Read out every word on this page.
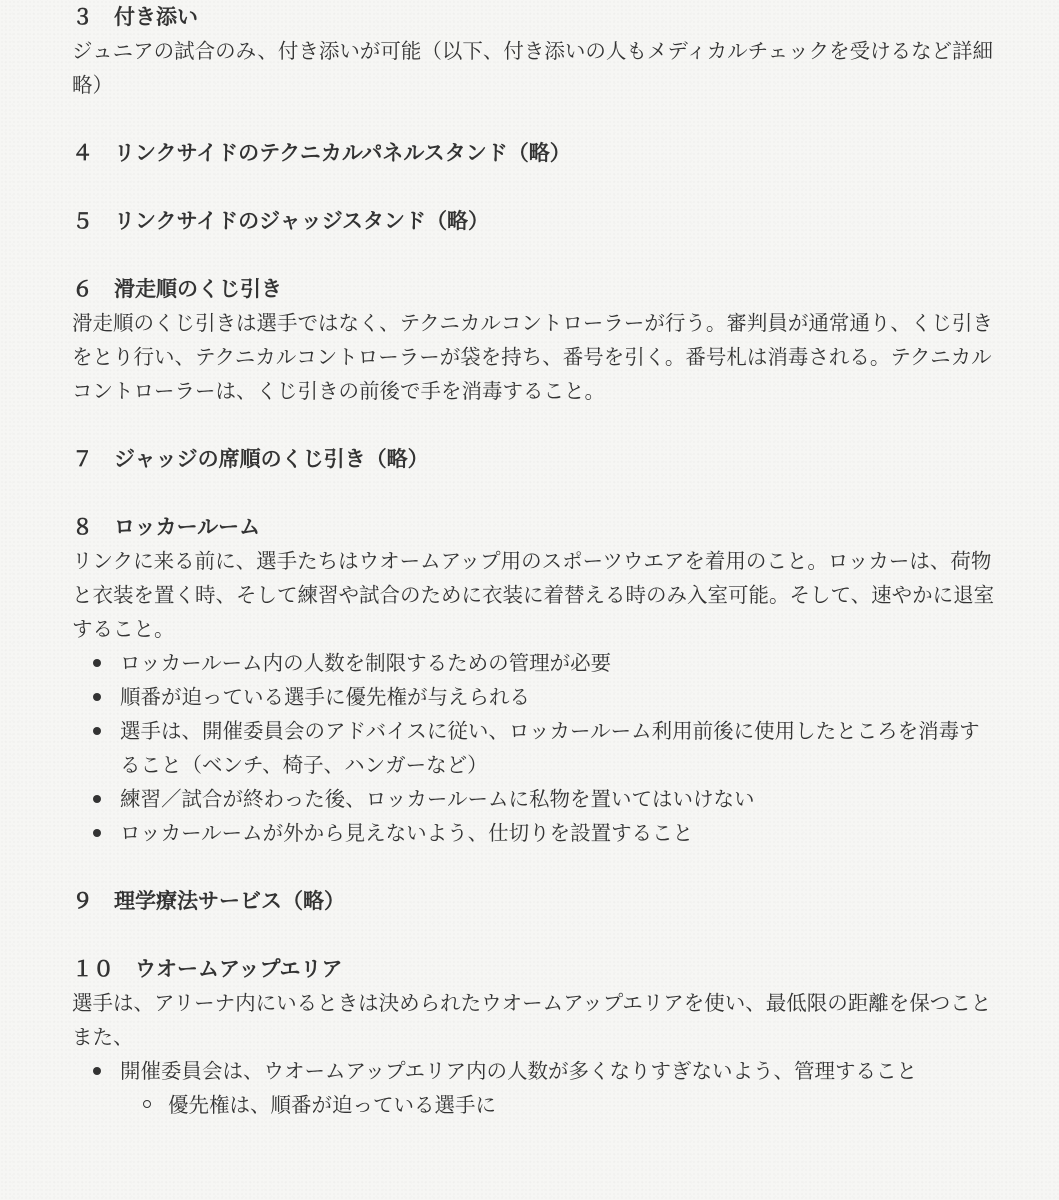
３　付き添い

ジュニアの試合のみ、付き添いが可能（以下、付き添いの人もメディカルチェックを受けるなど詳細略）

４　リンクサイドのテクニカルパネルスタンド（略）
５　リンクサイドのジャッジスタンド（略）
６　滑走順のくじ引き

滑走順のくじ引きは選手ではなく、テクニカルコントローラーが行う。審判員が通常通り、くじ引きをとり行い、テクニカルコントローラーが袋を持ち、番号を引く。番号札は消毒される。テクニカルコントローラーは、くじ引きの前後で手を消毒すること。

７　ジャッジの席順のくじ引き（略）
８　ロッカールーム

リンクに来る前に、選手たちはウオームアップ用のスポーツウエアを着用のこと。ロッカーは、荷物と衣装を置く時、そして練習や試合のために衣装に着替える時のみ入室可能。そして、速やかに退室すること。

ロッカールーム内の人数を制限するための管理が必要
順番が迫っている選手に優先権が与えられる
選手は、開催委員会のアドバイスに従い、ロッカールーム利用前後に使用したところを消毒すること（ベンチ、椅子、ハンガーなど）
練習／試合が終わった後、ロッカールームに私物を置いてはいけない
ロッカールームが外から見えないよう、仕切りを設置すること
９　理学療法サービス（略）
１０　ウオームアップエリア

選手は、アリーナ内にいるときは決められたウオームアップエリアを使い、最低限の距離を保つこと

また、

開催委員会は、ウオームアップエリア内の人数が多くなりすぎないよう、管理すること
優先権は、順番が迫っている選手に
